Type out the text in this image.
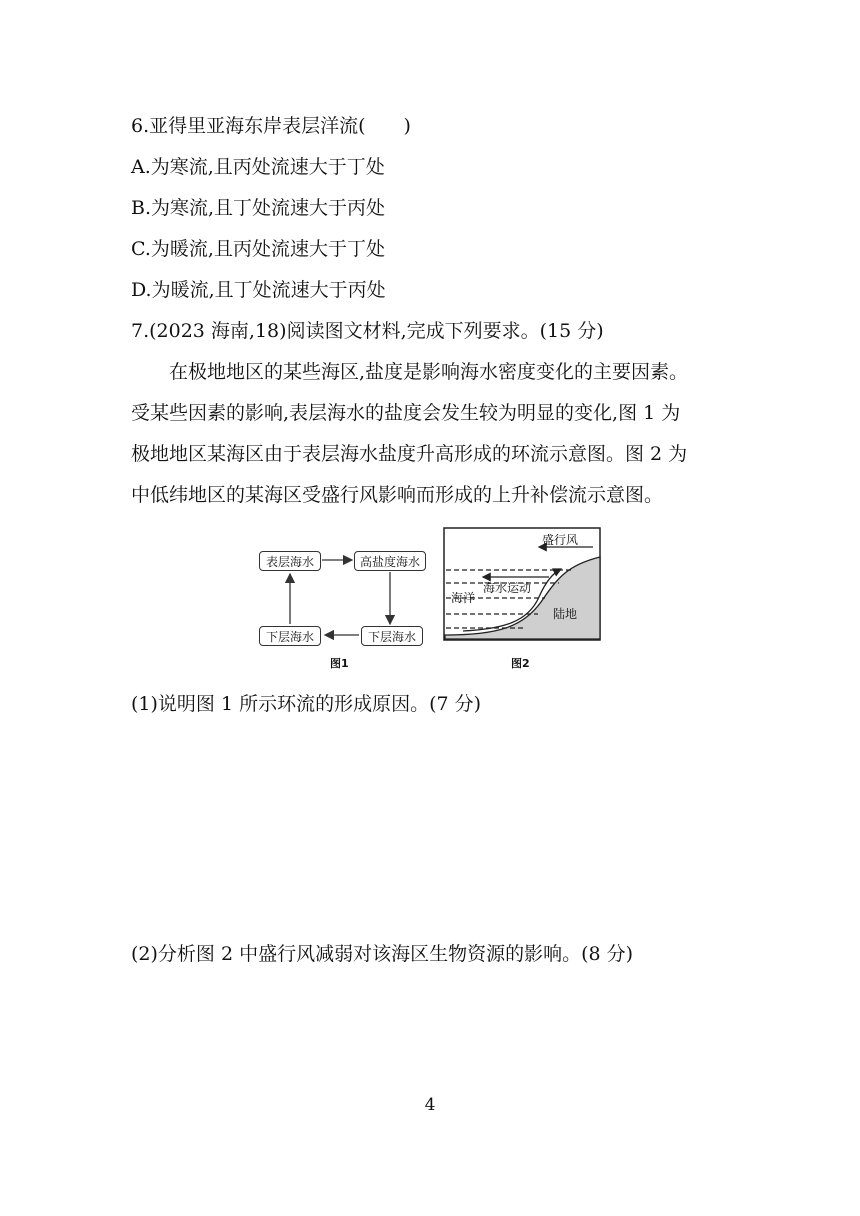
6.亚得里亚海东岸表层洋流(　　)
A.为寒流,且丙处流速大于丁处
B.为寒流,且丁处流速大于丙处
C.为暖流,且丙处流速大于丁处
D.为暖流,且丁处流速大于丙处
7.(2023 海南,18)阅读图文材料,完成下列要求。(15 分)

　　在极地地区的某些海区,盐度是影响海水密度变化的主要因素。

受某些因素的影响,表层海水的盐度会发生较为明显的变化,图 1 为

极地地区某海区由于表层海水盐度升高形成的环流示意图。图 2 为

中低纬地区的某海区受盛行风影响而形成的上升补偿流示意图。

表层海水	高盐度海水
下层海水
下层海水
图1
盛行风
海水运动
海洋
陆地
图2
(1)说明图 1 所示环流的形成原因。(7 分)
(2)分析图 2 中盛行风减弱对该海区生物资源的影响。(8 分)
4
